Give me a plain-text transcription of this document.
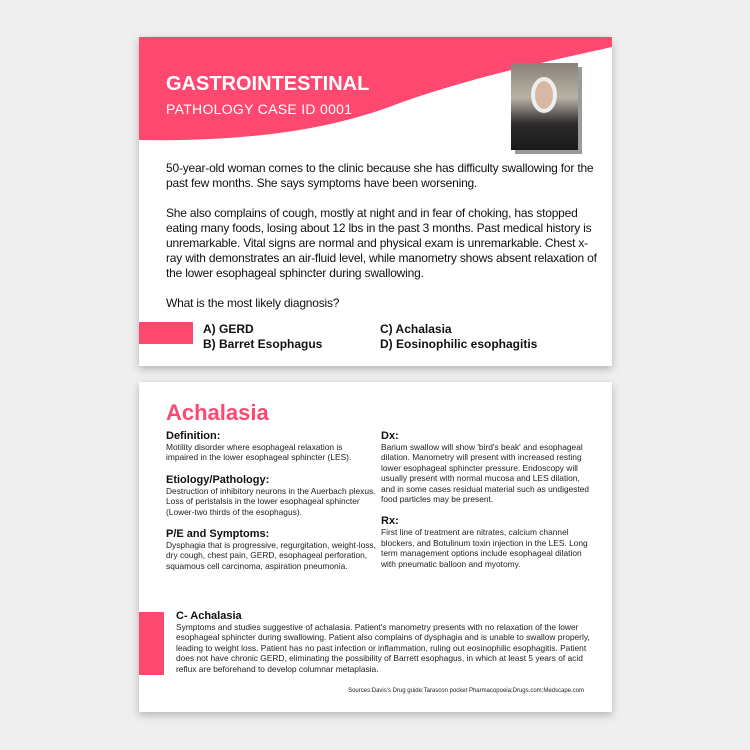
GASTROINTESTINAL
PATHOLOGY CASE ID 0001

50-year-old woman comes to the clinic because she has difficulty swallowing for the past few months. She says symptoms have been worsening.

She also complains of cough, mostly at night and in fear of choking, has stopped eating many foods, losing about 12 lbs in the past 3 months. Past medical history is unremarkable. Vital signs are normal and physical exam is unremarkable. Chest x-ray with demonstrates an air-fluid level, while manometry shows absent relaxation of the lower esophageal sphincter during swallowing.

What is the most likely diagnosis?

A) GERD
B) Barret Esophagus
C) Achalasia
D) Eosinophilic esophagitis
Achalasia
Definition:

Motility disorder where esophageal relaxation is impaired in the lower esophageal sphincter (LES).

Etiology/Pathology:

Destruction of inhibitory neurons in the Auerbach plexus. Loss of peristalsis in the lower esophageal sphincter (Lower-two thirds of the esophagus).

P/E and Symptoms:

Dysphagia that is progressive, regurgitation, weight-loss, dry cough, chest pain, GERD, esophageal perforation, squamous cell carcinoma, aspiration pneumonia.

Dx:

Barium swallow will show 'bird's beak' and esophageal dilation. Manometry will present with increased resting lower esophageal sphincter pressure. Endoscopy will usually present with normal mucosa and LES dilation, and in some cases residual material such as undigested food particles may be present.

Rx:

First line of treatment are nitrates, calcium channel blockers, and Botulinum toxin injection in the LES. Long term management options include esophageal dilation with pneumatic balloon and myotomy.

C- Achalasia
Symptoms and studies suggestive of achalasia. Patient's manometry presents with no relaxation of the lower esophageal sphincter during swallowing. Patient also complains of dysphagia and is unable to swallow properly, leading to weight loss. Patient has no past infection or inflammation, ruling out eosinophilic esophagitis. Patient does not have chronic GERD, eliminating the possibility of Barrett esophagus, in which at least 5 years of acid reflux are beforehand to develop columnar metaplasia.
Sources:Davis's Drug guide;Tarascon pocket Pharmacopoeia;Drugs.com;Medscape.com
